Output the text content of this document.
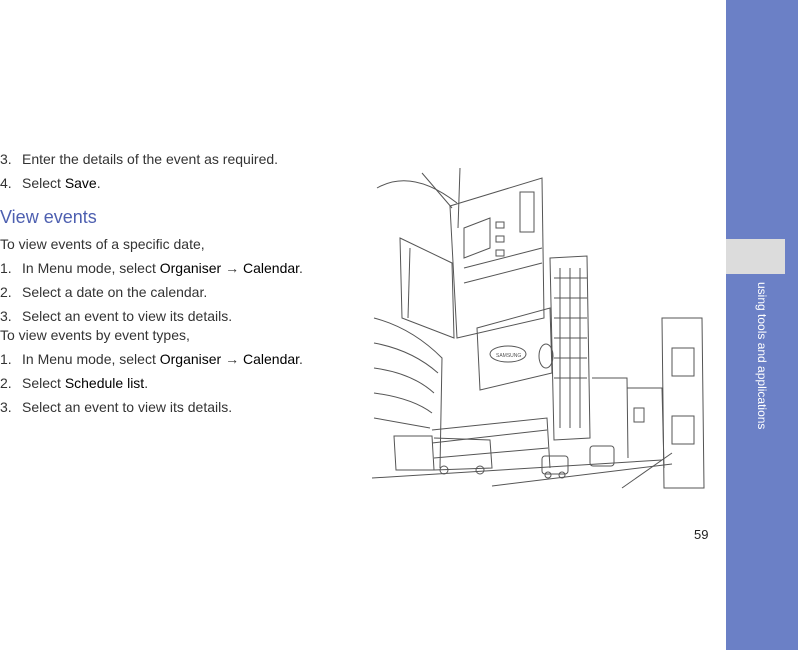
using tools and applications
59
3. Enter the details of the event as required.
4. Select Save.
View events
To view events of a specific date,
1. In Menu mode, select Organiser → Calendar.
2. Select a date on the calendar.
3. Select an event to view its details.
To view events by event types,
1. In Menu mode, select Organiser → Calendar.
2. Select Schedule list.
3. Select an event to view its details.
SAMSUNG
